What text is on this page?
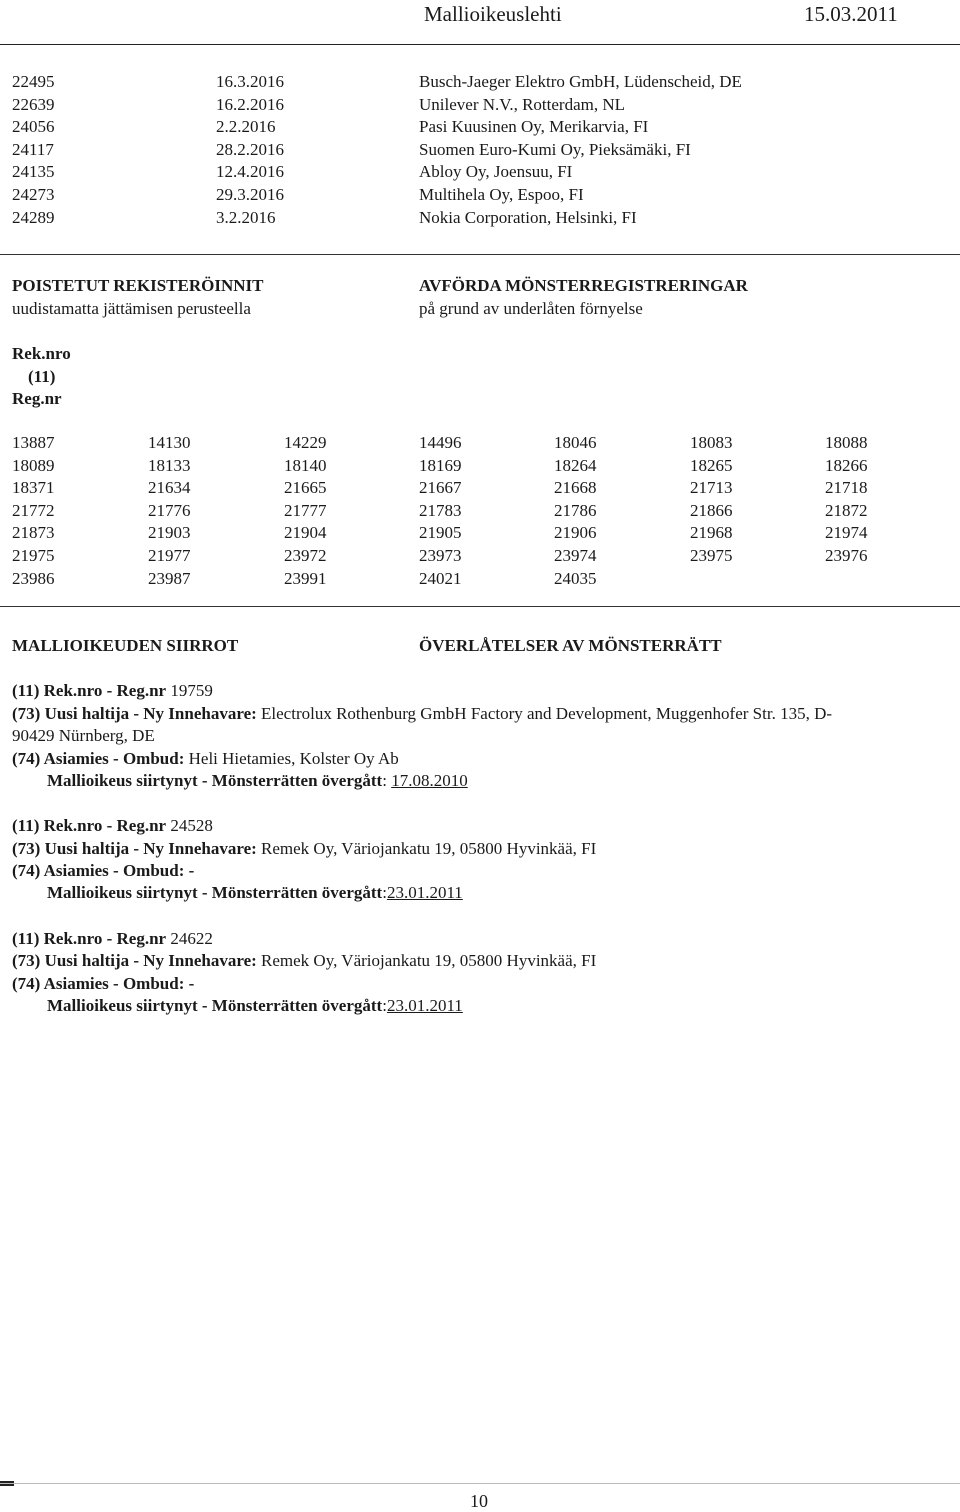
Mallioikeuslehti	15.03.2011
22495	16.3.2016	Busch-Jaeger Elektro GmbH, Lüdenscheid, DE
22639	16.2.2016	Unilever N.V., Rotterdam, NL
24056	2.2.2016	Pasi Kuusinen Oy, Merikarvia, FI
24117	28.2.2016	Suomen Euro-Kumi Oy, Pieksämäki, FI
24135	12.4.2016	Abloy Oy, Joensuu, FI
24273	29.3.2016	Multihela Oy, Espoo, FI
24289	3.2.2016	Nokia Corporation, Helsinki, FI
POISTETUT REKISTERÖINNIT
uudistamatta jättämisen perusteella
AVFÖRDA MÖNSTERREGISTRERINGAR
på grund av underlåten förnyelse
Rek.nro
(11)
Reg.nr
13887	14130	14229	14496	18046	18083	18088
18089	18133	18140	18169	18264	18265	18266
18371	21634	21665	21667	21668	21713	21718
21772	21776	21777	21783	21786	21866	21872
21873	21903	21904	21905	21906	21968	21974
21975	21977	23972	23973	23974	23975	23976
23986	23987	23991	24021	24035
MALLIOIKEUDEN SIIRROT	ÖVERLÅTELSER AV MÖNSTERRÄTT
(11) Rek.nro - Reg.nr 19759
(73) Uusi haltija - Ny Innehavare: Electrolux Rothenburg GmbH Factory and Development, Muggenhofer Str. 135, D-
90429 Nürnberg, DE
(74) Asiamies - Ombud: Heli Hietamies, Kolster Oy Ab
Mallioikeus siirtynyt - Mönsterrätten övergått: 17.08.2010
(11) Rek.nro - Reg.nr 24528
(73) Uusi haltija - Ny Innehavare: Remek Oy, Väriojankatu 19, 05800 Hyvinkää, FI
(74) Asiamies - Ombud: -
Mallioikeus siirtynyt - Mönsterrätten övergått:23.01.2011
(11) Rek.nro - Reg.nr 24622
(73) Uusi haltija - Ny Innehavare: Remek Oy, Väriojankatu 19, 05800 Hyvinkää, FI
(74) Asiamies - Ombud: -
Mallioikeus siirtynyt - Mönsterrätten övergått:23.01.2011
10
